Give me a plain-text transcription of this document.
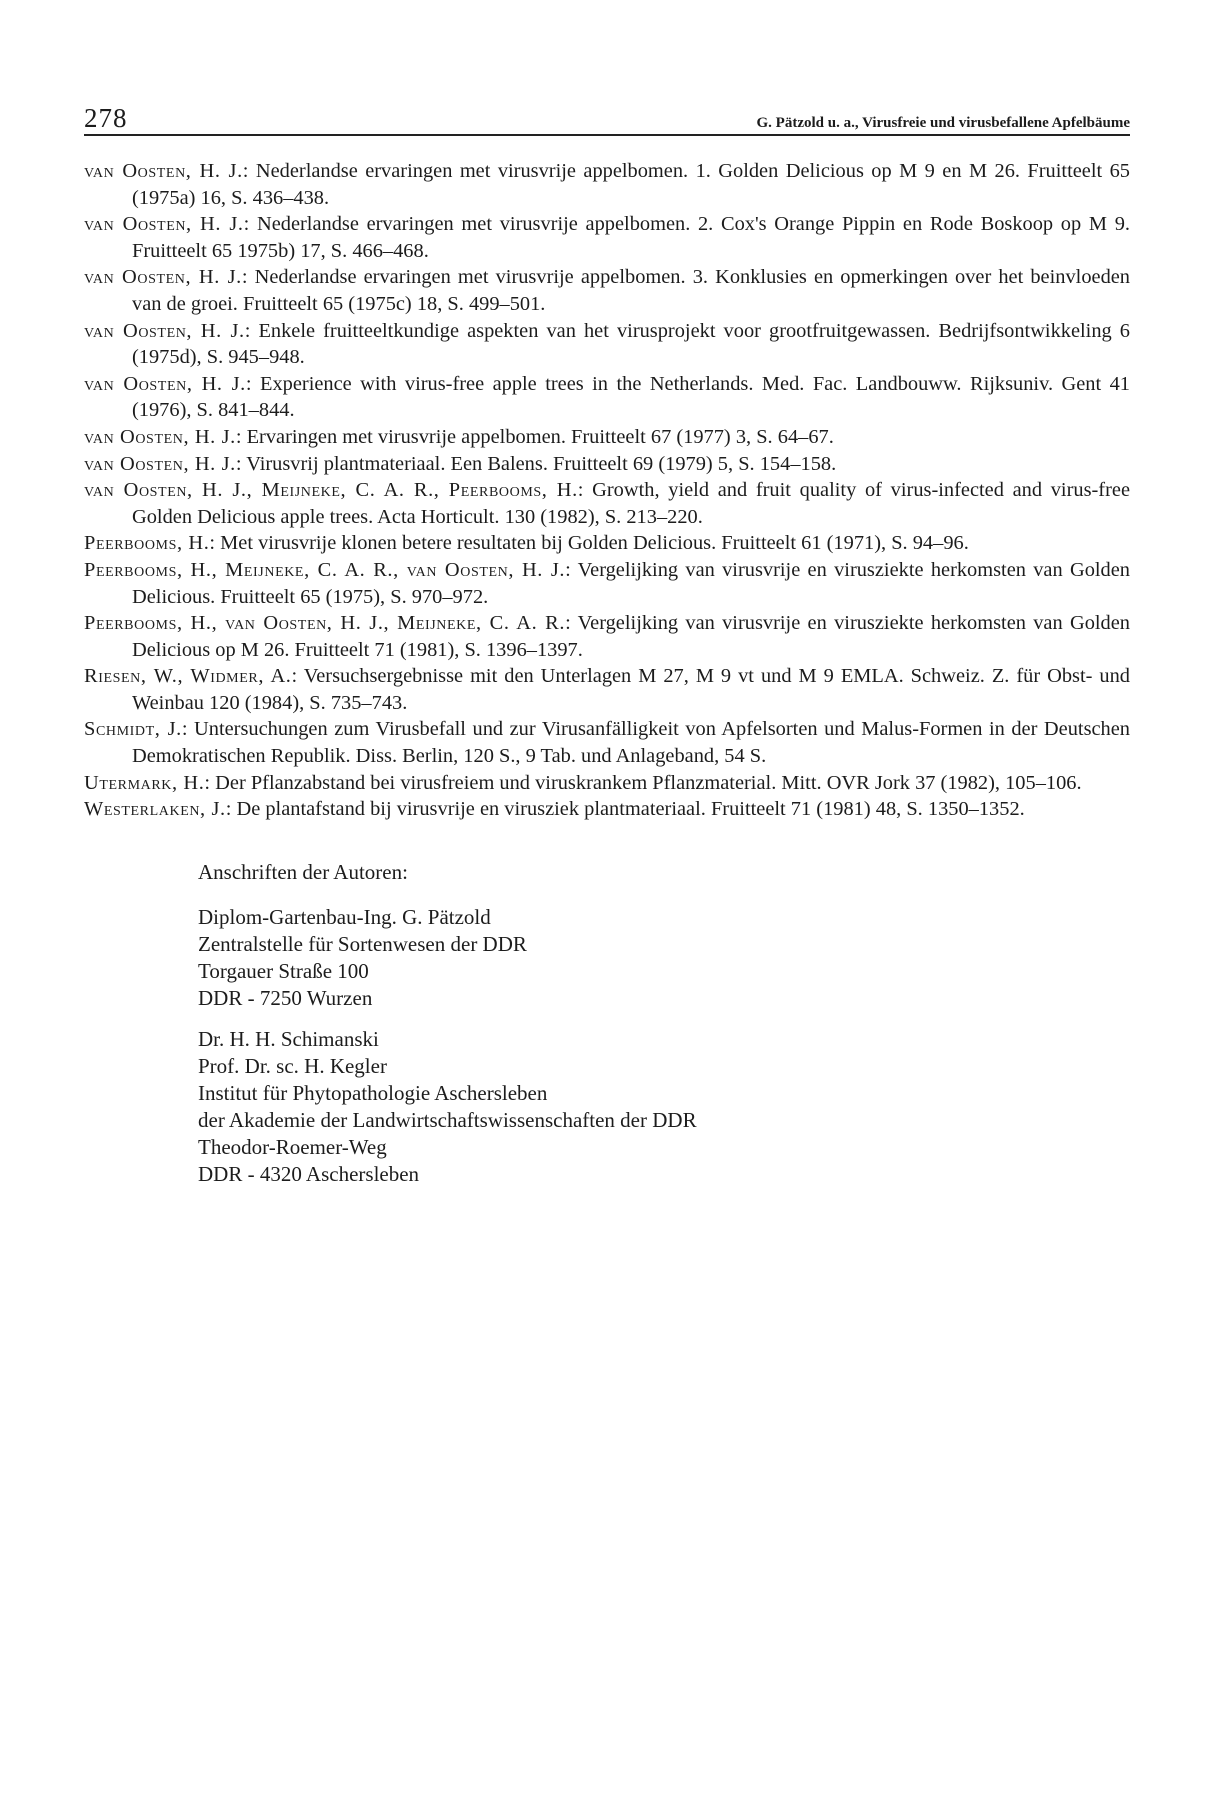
278	G. Pätzold u. a., Virusfreie und virusbefallene Apfelbäume
van Oosten, H. J.: Nederlandse ervaringen met virusvrije appelbomen. 1. Golden Delicious op M 9 en M 26. Fruitteelt 65 (1975a) 16, S. 436–438.
van Oosten, H. J.: Nederlandse ervaringen met virusvrije appelbomen. 2. Cox's Orange Pippin en Rode Boskoop op M 9. Fruitteelt 65 1975b) 17, S. 466–468.
van Oosten, H. J.: Nederlandse ervaringen met virusvrije appelbomen. 3. Konklusies en opmerkingen over het beinvloeden van de groei. Fruitteelt 65 (1975c) 18, S. 499–501.
van Oosten, H. J.: Enkele fruitteeltkundige aspekten van het virusprojekt voor grootfruitgewassen. Bedrijfsontwikkeling 6 (1975d), S. 945–948.
van Oosten, H. J.: Experience with virus-free apple trees in the Netherlands. Med. Fac. Landbouww. Rijksuniv. Gent 41 (1976), S. 841–844.
van Oosten, H. J.: Ervaringen met virusvrije appelbomen. Fruitteelt 67 (1977) 3, S. 64–67.
van Oosten, H. J.: Virusvrij plantmateriaal. Een Balens. Fruitteelt 69 (1979) 5, S. 154–158.
van Oosten, H. J., Meijneke, C. A. R., Peerbooms, H.: Growth, yield and fruit quality of virus-infected and virus-free Golden Delicious apple trees. Acta Horticult. 130 (1982), S. 213–220.
Peerbooms, H.: Met virusvrije klonen betere resultaten bij Golden Delicious. Fruitteelt 61 (1971), S. 94–96.
Peerbooms, H., Meijneke, C. A. R., van Oosten, H. J.: Vergelijking van virusvrije en virusziekte herkomsten van Golden Delicious. Fruitteelt 65 (1975), S. 970–972.
Peerbooms, H., van Oosten, H. J., Meijneke, C. A. R.: Vergelijking van virusvrije en virusziekte herkomsten van Golden Delicious op M 26. Fruitteelt 71 (1981), S. 1396–1397.
Riesen, W., Widmer, A.: Versuchsergebnisse mit den Unterlagen M 27, M 9 vt und M 9 EMLA. Schweiz. Z. für Obst- und Weinbau 120 (1984), S. 735–743.
Schmidt, J.: Untersuchungen zum Virusbefall und zur Virusanfälligkeit von Apfelsorten und Malus-Formen in der Deutschen Demokratischen Republik. Diss. Berlin, 120 S., 9 Tab. und Anlageband, 54 S.
Utermark, H.: Der Pflanzabstand bei virusfreiem und viruskrankem Pflanzmaterial. Mitt. OVR Jork 37 (1982), 105–106.
Westerlaken, J.: De plantafstand bij virusvrije en virusziek plantmateriaal. Fruitteelt 71 (1981) 48, S. 1350–1352.
Anschriften der Autoren:
Diplom-Gartenbau-Ing. G. Pätzold
Zentralstelle für Sortenwesen der DDR
Torgauer Straße 100
DDR - 7250 Wurzen
Dr. H. H. Schimanski
Prof. Dr. sc. H. Kegler
Institut für Phytopathologie Aschersleben
der Akademie der Landwirtschaftswissenschaften der DDR
Theodor-Roemer-Weg
DDR - 4320 Aschersleben
